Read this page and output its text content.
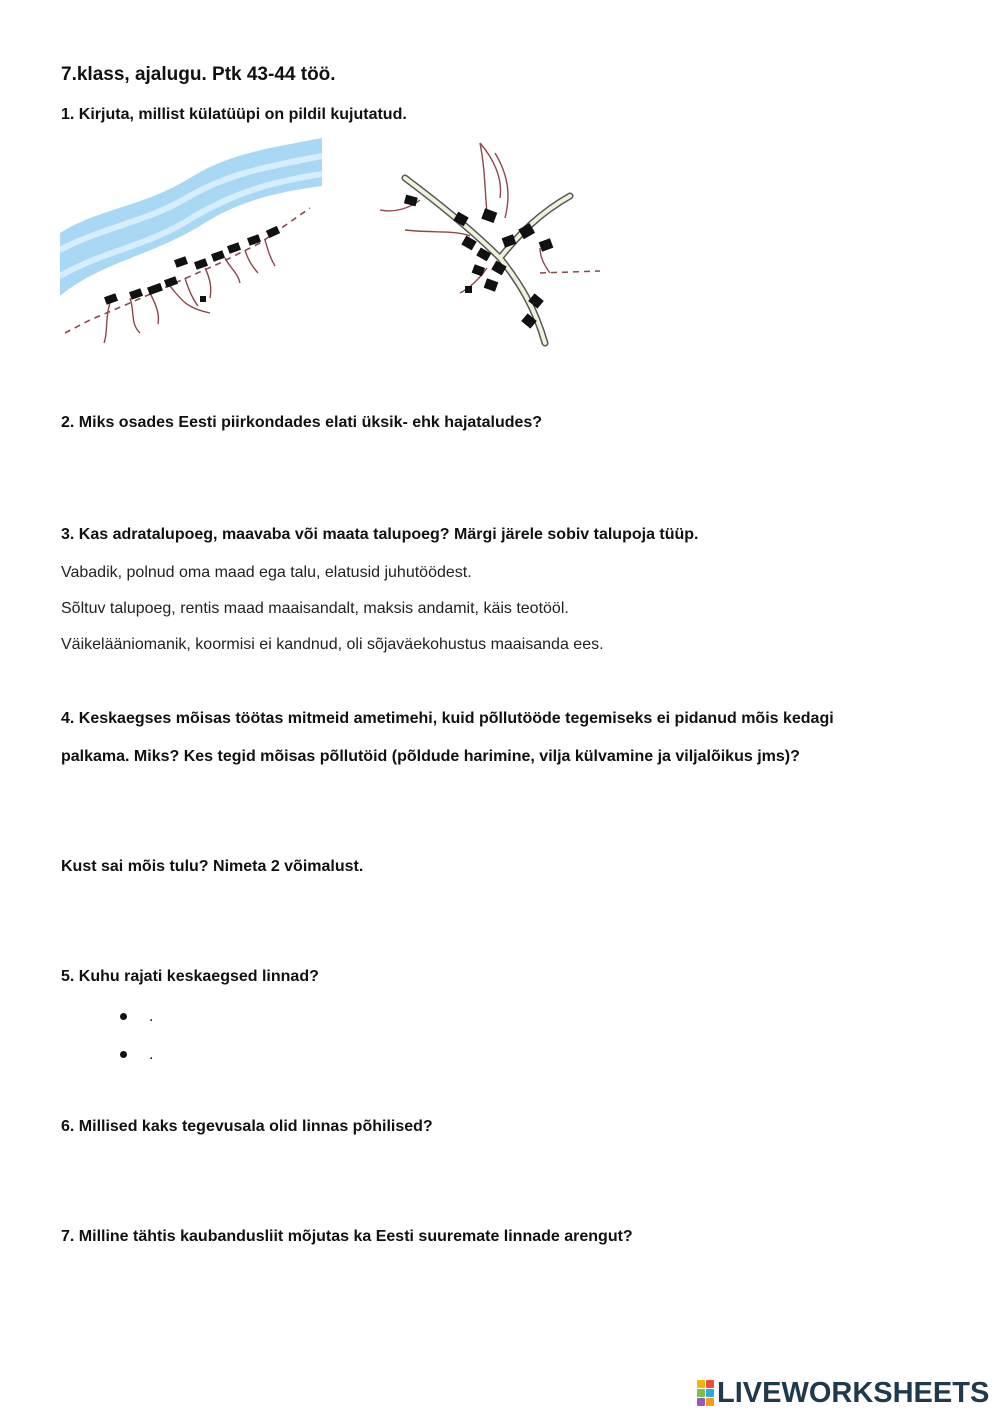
7.klass, ajalugu. Ptk 43-44 töö.
1. Kirjuta, millist külatüüpi on pildil kujutatud.
2. Miks osades Eesti piirkondades elati üksik- ehk hajataludes?
3. Kas adratalupoeg, maavaba või maata talupoeg? Märgi järele sobiv talupoja tüüp.
Vabadik, polnud oma maad ega talu, elatusid juhutöödest.
Sõltuv talupoeg, rentis maad maaisandalt, maksis andamit, käis teotööl.
Väikelääniomanik, koormisi ei kandnud, oli sõjaväekohustus maaisanda ees.
4. Keskaegses mõisas töötas mitmeid ametimehi, kuid põllutööde tegemiseks ei pidanud mõis kedagi
palkama. Miks? Kes tegid mõisas põllutöid (põldude harimine, vilja külvamine ja viljalõikus jms)?
Kust sai mõis tulu? Nimeta 2 võimalust.
5. Kuhu rajati keskaegsed linnad?
.
.
6. Millised kaks tegevusala olid linnas põhilised?
7. Milline tähtis kaubandusliit mõjutas ka Eesti suuremate linnade arengut?
LIVEWORKSHEETS
